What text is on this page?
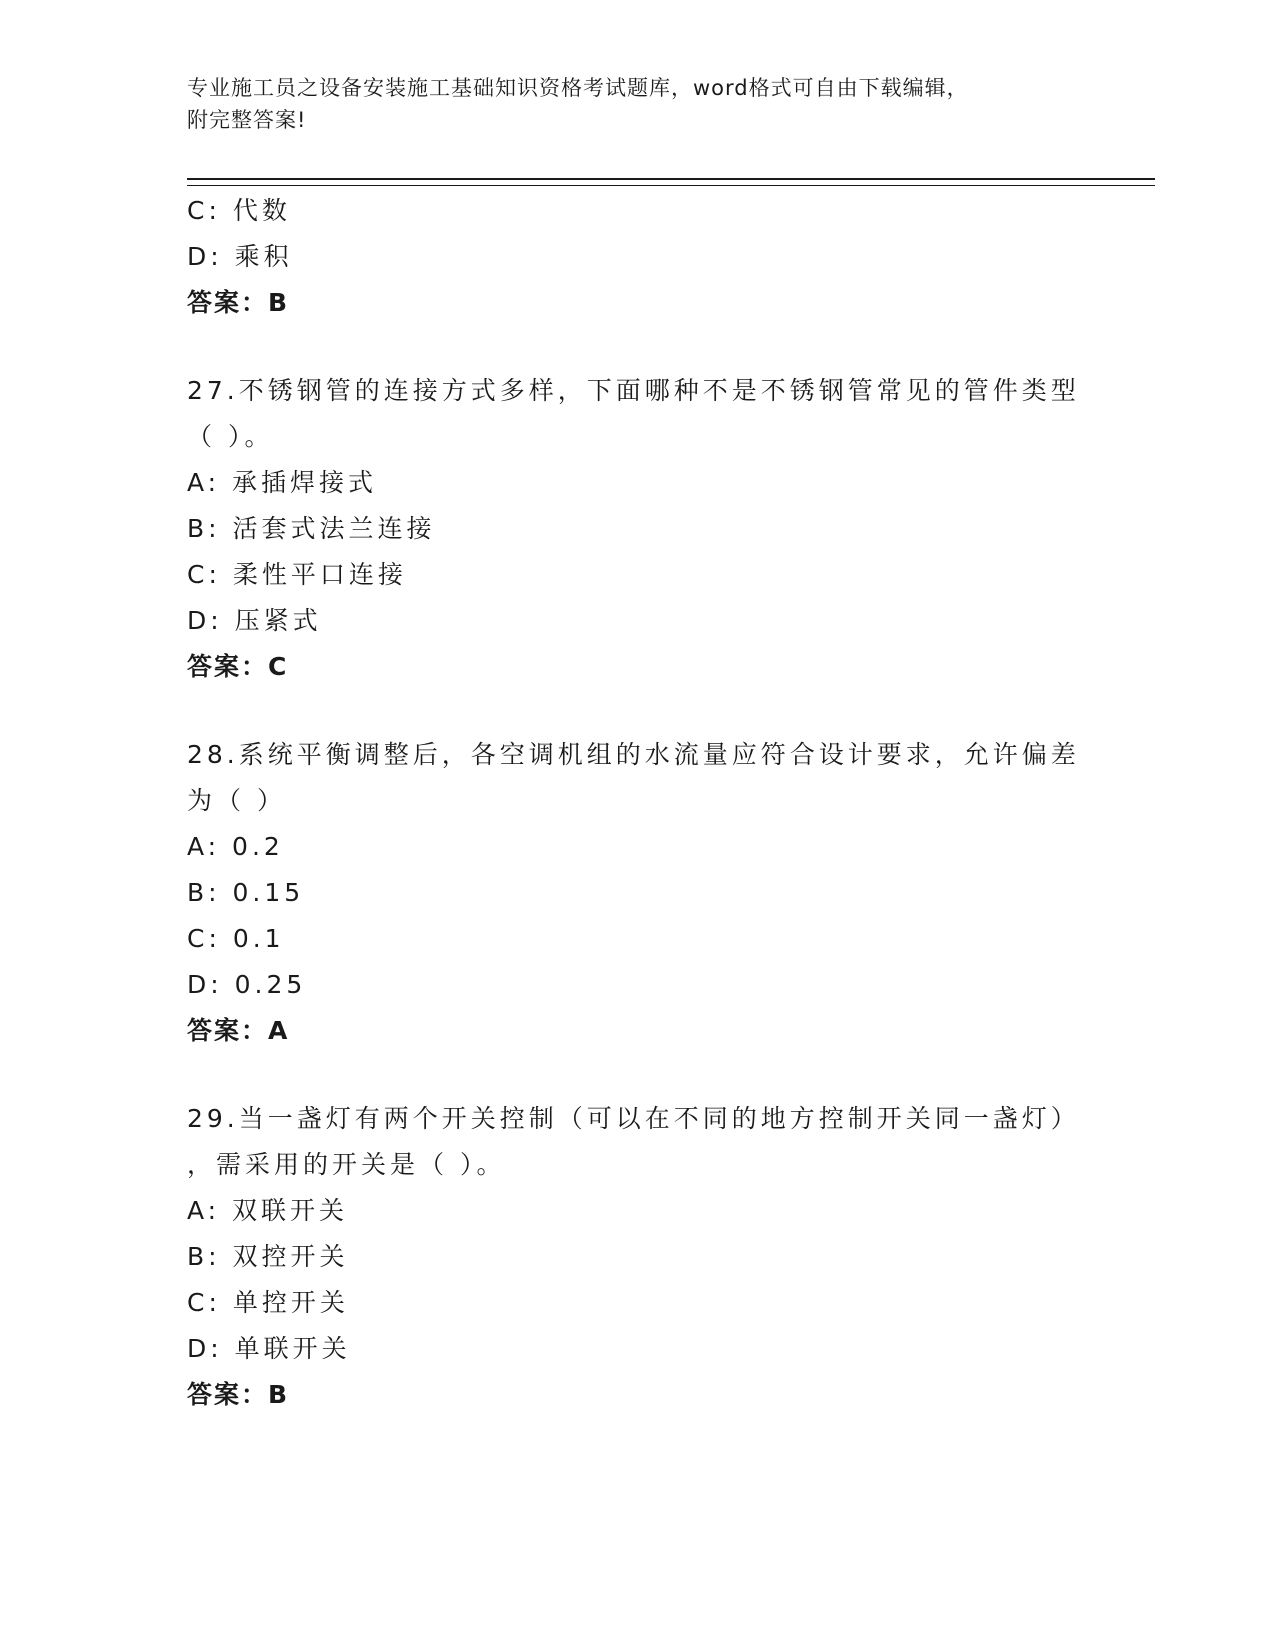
专业施工员之设备安装施工基础知识资格考试题库，word格式可自由下载编辑，
附完整答案!
C: 代数
D: 乘积
答案：B
27.不锈钢管的连接方式多样，下面哪种不是不锈钢管常见的管件类型
（ ）。
A: 承插焊接式
B: 活套式法兰连接
C: 柔性平口连接
D: 压紧式
答案：C
28.系统平衡调整后，各空调机组的水流量应符合设计要求，允许偏差
为（ ）
A: 0.2
B: 0.15
C: 0.1
D: 0.25
答案：A
29.当一盏灯有两个开关控制（可以在不同的地方控制开关同一盏灯）
，需采用的开关是（ ）。
A: 双联开关
B: 双控开关
C: 单控开关
D: 单联开关
答案：B
